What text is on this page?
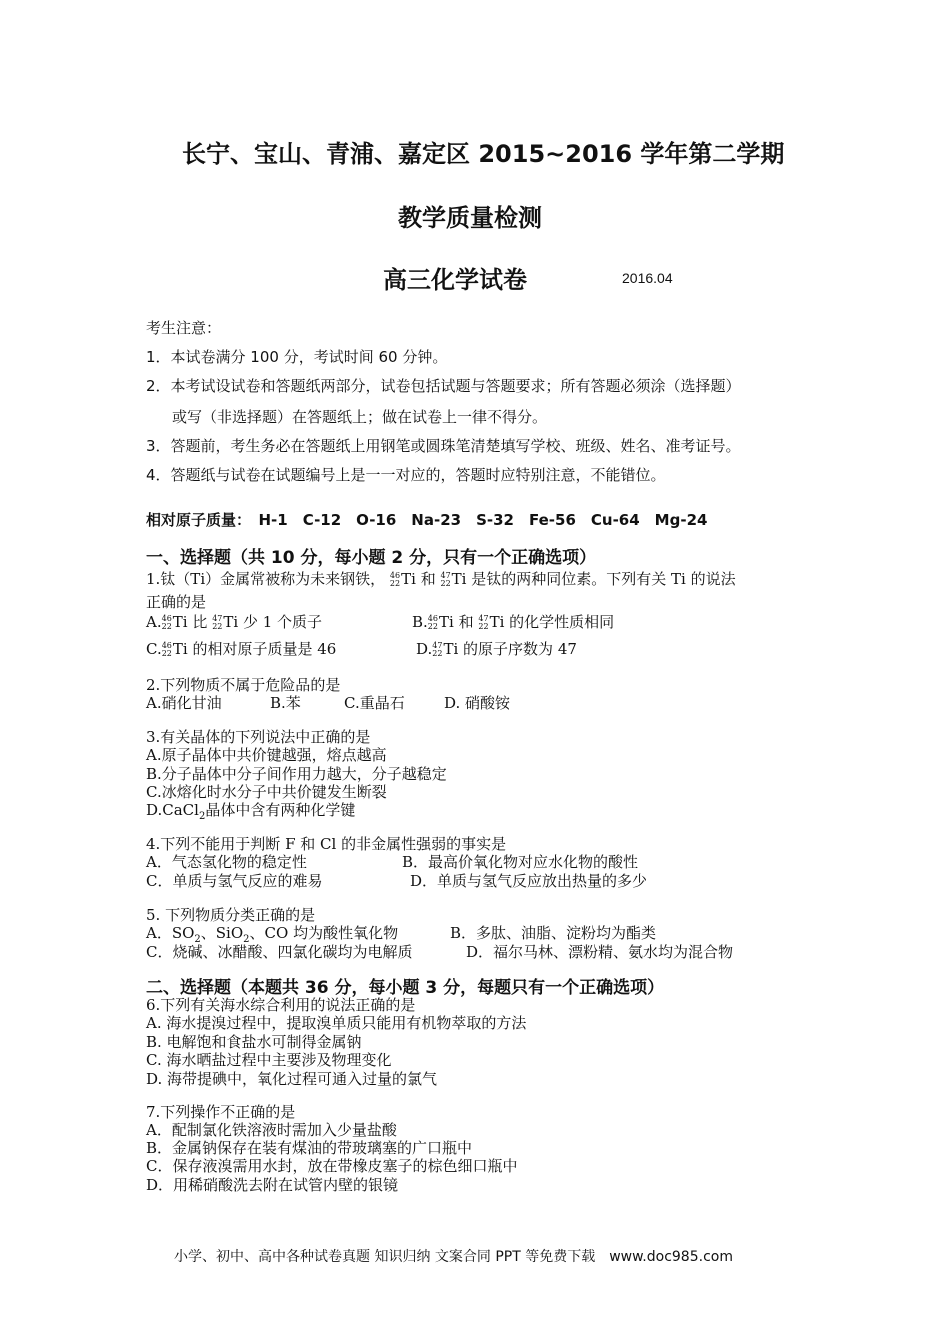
长宁、宝山、青浦、嘉定区 2015~2016 学年第二学期
教学质量检测
高三化学试卷	2016.04
考生注意：
1．本试卷满分 100 分，考试时间 60 分钟。
2．本考试设试卷和答题纸两部分，试卷包括试题与答题要求；所有答题必须涂（选择题）
或写（非选择题）在答题纸上；做在试卷上一律不得分。
3．答题前，考生务必在答题纸上用钢笔或圆珠笔清楚填写学校、班级、姓名、准考证号。
4．答题纸与试卷在试题编号上是一一对应的，答题时应特别注意，不能错位。
相对原子质量：　H-1　C-12　O-16　Na-23　S-32　Fe-56　Cu-64　Mg-24
一、选择题（共 10 分，每小题 2 分，只有一个正确选项）
1.钛（Ti）金属常被称为未来钢铁， 46
22 Ti 和 47
22 Ti 是钛的两种同位素。下列有关 Ti 的说法
正确的是
A. 46
22 Ti 比 47
22 Ti 少 1 个质子	B. 46
22 Ti 和 47
22 Ti 的化学性质相同
C. 46
22 Ti 的相对原子质量是 46	D. 47
22 Ti 的原子序数为 47
2.下列物质不属于危险品的是
A.硝化甘油	B.苯	C.重晶石	D. 硝酸铵
3.有关晶体的下列说法中正确的是
A.原子晶体中共价键越强，熔点越高
B.分子晶体中分子间作用力越大，分子越稳定
C.冰熔化时水分子中共价键发生断裂
D.CaCl$_2$晶体中含有两种化学键
4.下列不能用于判断 F 和 Cl 的非金属性强弱的事实是
A．气态氢化物的稳定性	B．最高价氧化物对应水化物的酸性
C．单质与氢气反应的难易	D．单质与氢气反应放出热量的多少
5. 下列物质分类正确的是
A．$SO_2$、SiO$_2$、CO 均为酸性氧化物	B．多肽、油脂、淀粉均为酯类
C．烧碱、冰醋酸、四氯化碳均为电解质	D．福尔马林、漂粉精、氨水均为混合物
二、选择题（本题共 36 分，每小题 3 分，每题只有一个正确选项）
6.下列有关海水综合利用的说法正确的是
A. 海水提溴过程中，提取溴单质只能用有机物萃取的方法
B. 电解饱和食盐水可制得金属钠
C. 海水晒盐过程中主要涉及物理变化
D. 海带提碘中，氧化过程可通入过量的氯气
7.下列操作不正确的是
A．配制氯化铁溶液时需加入少量盐酸
B．金属钠保存在装有煤油的带玻璃塞的广口瓶中
C．保存液溴需用水封，放在带橡皮塞子的棕色细口瓶中
D．用稀硝酸洗去附在试管内壁的银镜
小学、初中、高中各种试卷真题 知识归纳 文案合同 PPT 等免费下载　www.doc985.com
